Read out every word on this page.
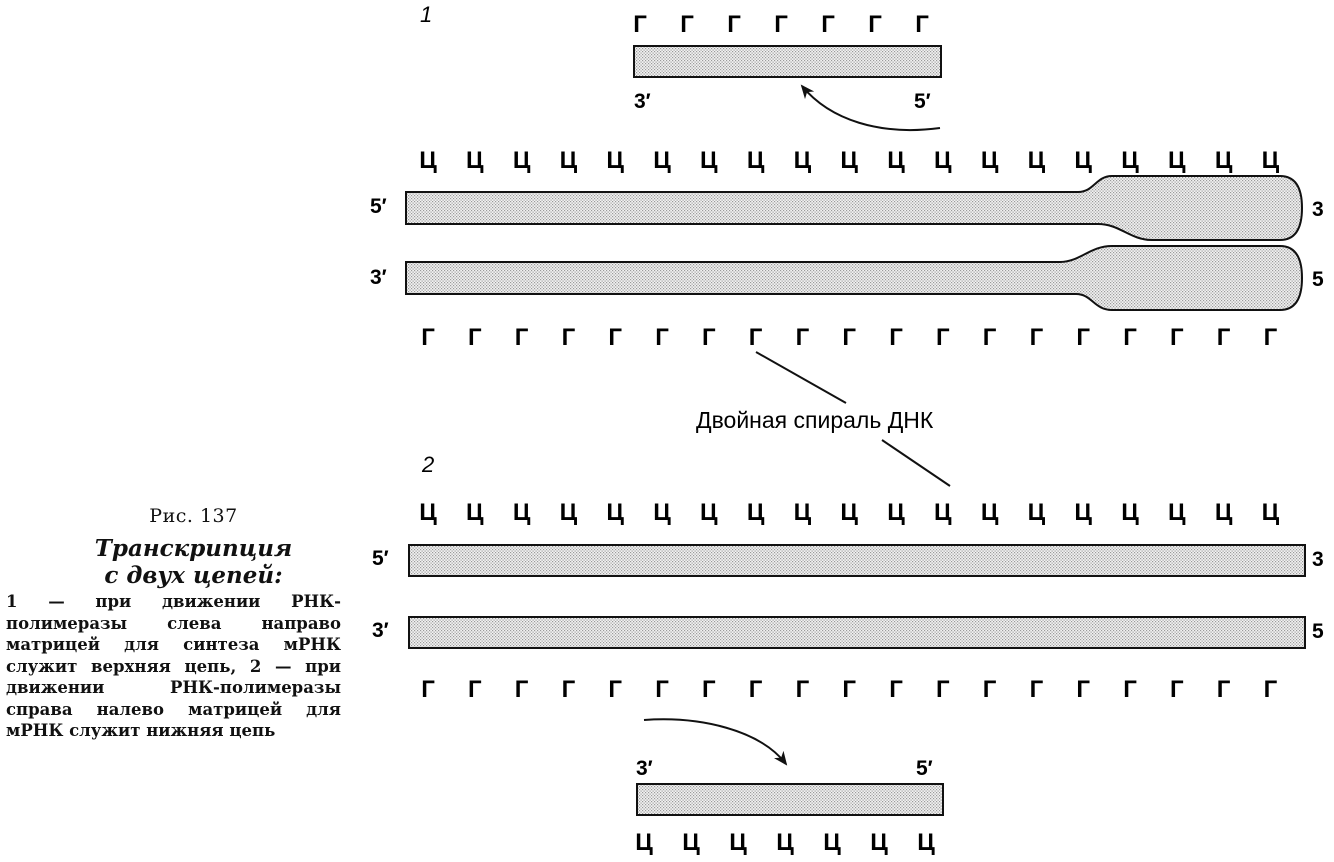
1	Г Г Г Г Г Г Г
3′	5′
Ц Ц Ц Ц Ц Ц Ц Ц Ц Ц Ц Ц Ц Ц Ц Ц Ц Ц Ц
5′	3
3′	5
Г Г Г Г Г Г Г Г Г Г Г Г Г Г Г Г Г Г Г
Двойная спираль ДНК
2
Ц Ц Ц Ц Ц Ц Ц Ц Ц Ц Ц Ц Ц Ц Ц Ц Ц Ц Ц
5′	3
3′	5
Г Г Г Г Г Г Г Г Г Г Г Г Г Г Г Г Г Г Г
3′	5′
Ц Ц Ц Ц Ц Ц Ц
Рис. 137
Транскрипция
с двух цепей:
1 — при движении РНК-полимеразы слева направо матрицей для синтеза мРНК служит верхняя цепь, 2 — при движении РНК-полимеразы справа налево матрицей для мРНК служит нижняя цепь
